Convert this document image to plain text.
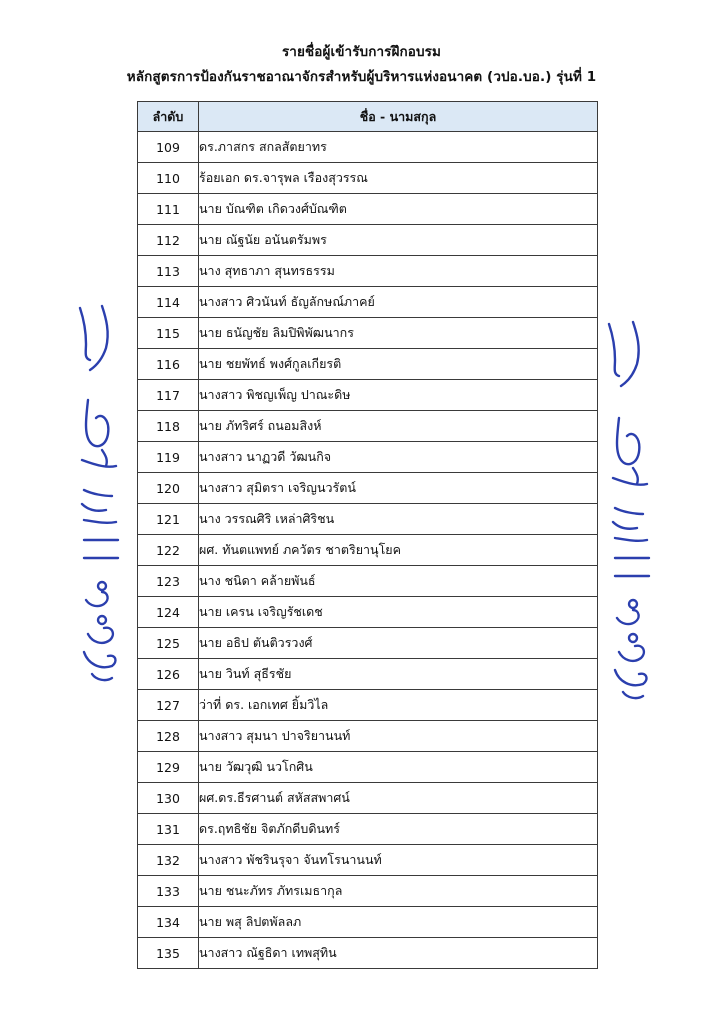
รายชื่อผู้เข้ารับการฝึกอบรม
หลักสูตรการป้องกันราชอาณาจักรสำหรับผู้บริหารแห่งอนาคต (วปอ.บอ.) รุ่นที่ 1
ลำดับ	ชื่อ - นามสกุล
109	ดร.ภาสกร สกลสัตยาทร
110	ร้อยเอก ดร.จารุพล เรืองสุวรรณ
111	นาย บัณฑิต เกิดวงศ์บัณฑิต
112	นาย ณัฐนัย อนันตรัมพร
113	นาง สุทธาภา สุนทรธรรม
114	นางสาว ศิวนันท์ ธัญลักษณ์ภาคย์
115	นาย ธนัญชัย ลิมปิพิพัฒนากร
116	นาย ชยพัทธ์ พงศ์กูลเกียรติ
117	นางสาว พิชญเพ็ญ ปาณะดิษ
118	นาย ภัทริศร์ ถนอมสิงห์
119	นางสาว นาฏวดี วัฒนกิจ
120	นางสาว สุมิตรา เจริญนวรัตน์
121	นาง วรรณศิริ เหล่าศิริชน
122	ผศ. ทันตแพทย์ ภควัตร ชาตริยานุโยค
123	นาง ชนิดา คล้ายพันธ์
124	นาย เครน เจริญรัชเดช
125	นาย อธิป ตันติวรวงศ์
126	นาย วินท์ สุธีรชัย
127	ว่าที่ ดร. เอกเทศ ยิ้มวิไล
128	นางสาว สุมนา ปาจริยานนท์
129	นาย วัฒวุฒิ นวโกศิน
130	ผศ.ดร.ธีรศานต์ สหัสสพาศน์
131	ดร.ฤทธิชัย จิตภักดีบดินทร์
132	นางสาว พัชรินรุจา จันทโรนานนท์
133	นาย ชนะภัทร ภัทรเมธากุล
134	นาย พสุ ลิปตพัลลภ
135	นางสาว ณัฐธิดา เทพสุทิน
